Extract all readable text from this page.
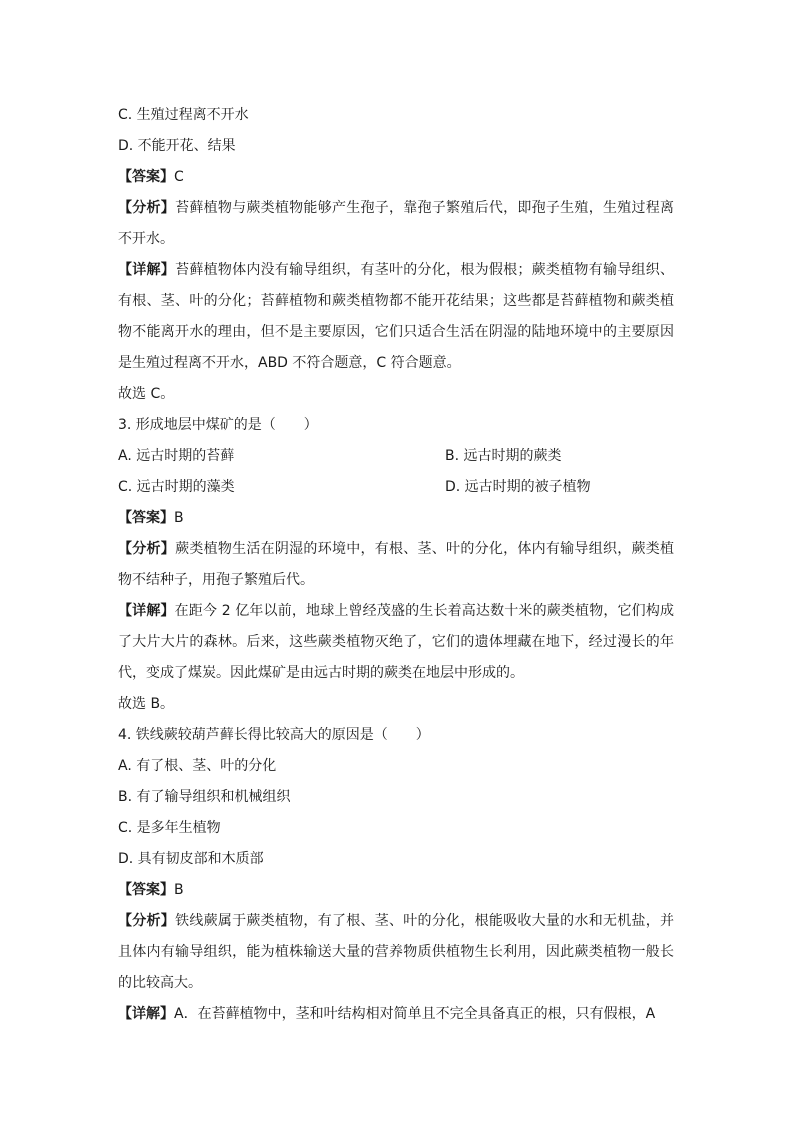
C. 生殖过程离不开水
D. 不能开花、结果
【答案】C
【分析】苔藓植物与蕨类植物能够产生孢子，靠孢子繁殖后代，即孢子生殖，生殖过程离不开水。
【详解】苔藓植物体内没有输导组织，有茎叶的分化，根为假根；蕨类植物有输导组织、有根、茎、叶的分化；苔藓植物和蕨类植物都不能开花结果；这些都是苔藓植物和蕨类植物不能离开水的理由，但不是主要原因，它们只适合生活在阴湿的陆地环境中的主要原因是生殖过程离不开水，ABD 不符合题意，C 符合题意。
故选 C。
3. 形成地层中煤矿的是（　　）
A. 远古时期的苔藓	B. 远古时期的蕨类
C. 远古时期的藻类	D. 远古时期的被子植物
【答案】B
【分析】蕨类植物生活在阴湿的环境中，有根、茎、叶的分化，体内有输导组织，蕨类植物不结种子，用孢子繁殖后代。
【详解】在距今 2 亿年以前，地球上曾经茂盛的生长着高达数十米的蕨类植物，它们构成了大片大片的森林。后来，这些蕨类植物灭绝了，它们的遗体埋藏在地下，经过漫长的年代，变成了煤炭。因此煤矿是由远古时期的蕨类在地层中形成的。
故选 B。
4. 铁线蕨较葫芦藓长得比较高大的原因是（　　）
A. 有了根、茎、叶的分化
B. 有了输导组织和机械组织
C. 是多年生植物
D. 具有韧皮部和木质部
【答案】B
【分析】铁线蕨属于蕨类植物，有了根、茎、叶的分化，根能吸收大量的水和无机盐，并且体内有输导组织，能为植株输送大量的营养物质供植物生长利用，因此蕨类植物一般长的比较高大。
【详解】A．在苔藓植物中，茎和叶结构相对简单且不完全具备真正的根，只有假根，A
